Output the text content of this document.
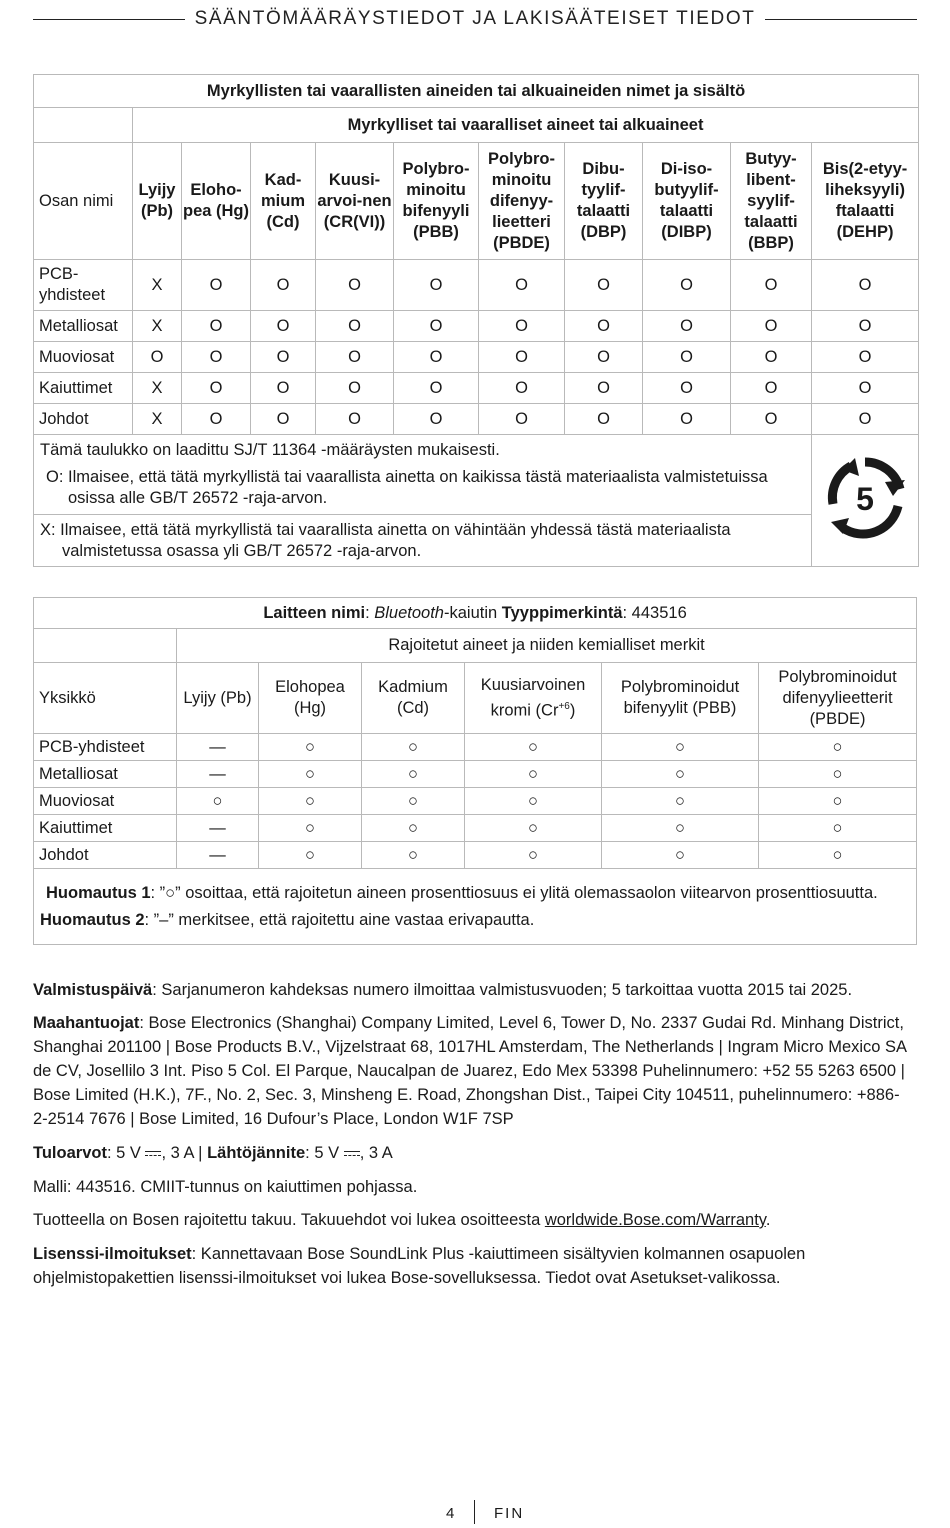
SÄÄNTÖMÄÄRÄYSTIEDOT JA LAKISÄÄTEISET TIEDOT
Myrkyllisten tai vaarallisten aineiden tai alkuaineiden nimet ja sisältö										
	Myrkylliset tai vaaralliset aineet tai alkuaineet									
Osan nimi	Lyijy (Pb)	Eloho-pea (Hg)	Kad-mium (Cd)	Kuusi-arvoi-nen (CR(VI))	Polybro-minoitu bifenyyli (PBB)	Polybro-minoitu difenyy-lieetteri (PBDE)	Dibu-tyylif-talaatti (DBP)	Di-iso-butyylif-talaatti (DIBP)	Butyy-libent-syylif-talaatti (BBP)	Bis(2-etyy-liheksyyli) ftalaatti (DEHP)
PCB-yhdisteet	X	O	O	O	O	O	O	O	O	O
Metalliosat	X	O	O	O	O	O	O	O	O	O
Muoviosat	O	O	O	O	O	O	O	O	O	O
Kaiuttimet	X	O	O	O	O	O	O	O	O	O
Johdot	X	O	O	O	O	O	O	O	O	O

Tämä taulukko on laadittu SJ/T 11364 -määräysten mukaisesti.
O: Ilmaisee, että tätä myrkyllistä tai vaarallista ainetta on kaikissa tästä materiaalista valmistetuissa osissa alle GB/T 26572 -raja-arvon.										5

X: Ilmaisee, että tätä myrkyllistä tai vaarallista ainetta on vähintään yhdessä tästä materiaalista valmistetussa osassa yli GB/T 26572 -raja-arvon.										
Laitteen nimi: Bluetooth-kaiutin Tyyppimerkintä: 443516						
	Rajoitetut aineet ja niiden kemialliset merkit					
Yksikkö	Lyijy (Pb)	Elohopea (Hg)	Kadmium (Cd)	Kuusiarvoinen kromi $(Cr^{+6})$	Polybrominoidut bifenyylit (PBB)	Polybrominoidut difenyylieetterit (PBDE)
PCB-yhdisteet	—	○	○	○	○	○
Metalliosat	—	○	○	○	○	○
Muoviosat	○	○	○	○	○	○
Kaiuttimet	—	○	○	○	○	○
Johdot	—	○	○	○	○	○

Huomautus 1: ”○” osoittaa, että rajoitetun aineen prosenttiosuus ei ylitä olemassaolon viitearvon prosenttiosuutta.
Huomautus 2: ”–” merkitsee, että rajoitettu aine vastaa erivapautta.						

Valmistuspäivä: Sarjanumeron kahdeksas numero ilmoittaa valmistusvuoden; 5 tarkoittaa vuotta 2015 tai 2025.

Maahantuojat: Bose Electronics (Shanghai) Company Limited, Level 6, Tower D, No. 2337 Gudai Rd. Minhang District, Shanghai 201100 | Bose Products B.V., Vijzelstraat 68, 1017HL Amsterdam, The Netherlands | Ingram Micro Mexico SA de CV, Josellilo 3 Int. Piso 5 Col. El Parque, Naucalpan de Juarez, Edo Mex 53398 Puhelinnumero: +52 55 5263 6500 | Bose Limited (H.K.), 7F., No. 2, Sec. 3, Minsheng E. Road, Zhongshan Dist., Taipei City 104511, puhelinnumero: +886-2-2514 7676 | Bose Limited, 16 Dufour’s Place, London W1F 7SP

Tuloarvot: 5 V , 3 A | Lähtöjännite: 5 V , 3 A

Malli: 443516. CMIIT-tunnus on kaiuttimen pohjassa.

Tuotteella on Bosen rajoitettu takuu. Takuuehdot voi lukea osoitteesta worldwide.Bose.com/Warranty.

Lisenssi-ilmoitukset: Kannettavaan Bose SoundLink Plus -kaiuttimeen sisältyvien kolmannen osapuolen ohjelmistopakettien lisenssi-ilmoitukset voi lukea Bose-sovelluksessa. Tiedot ovat Asetukset-valikossa.

4	FIN
